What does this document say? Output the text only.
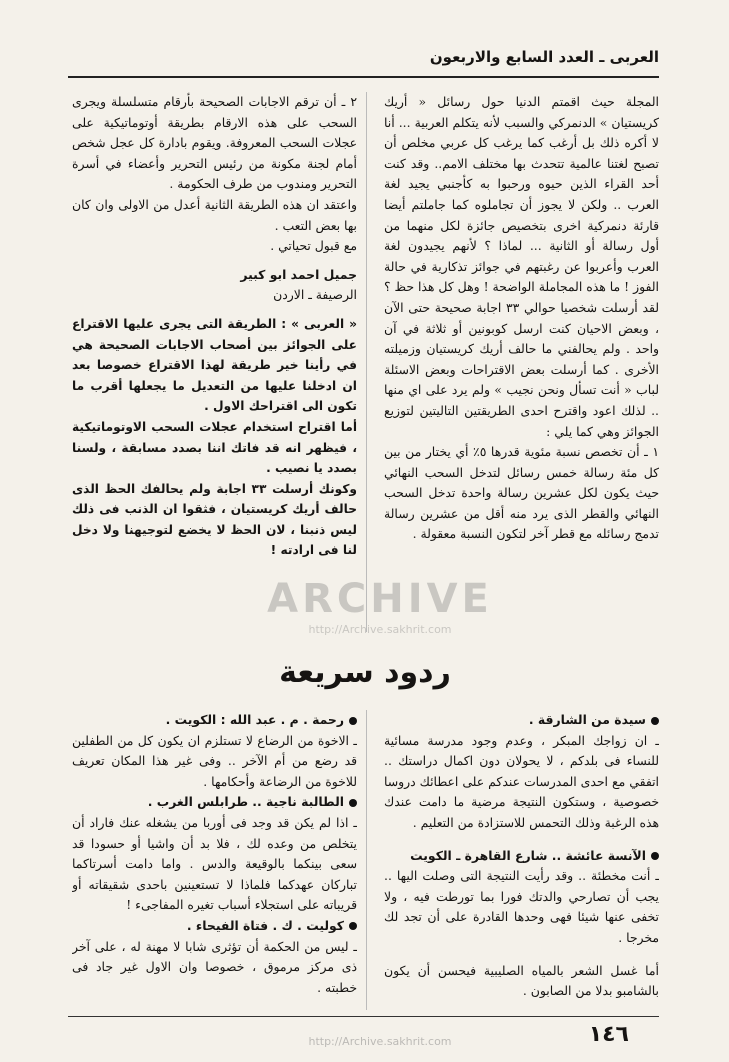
العربى ـ العدد السابع والاربعون

المجلة حيث اقمتم الدنيا حول رسائل « أريك كريستيان » الدنمركي والسبب لأنه يتكلم العربية ... أنا لا أكره ذلك بل أرغب كما يرغب كل عربي مخلص أن تصبح لغتنا عالمية تتحدث بها مختلف الامم.. وقد كنت أحد القراء الذين حيوه ورحبوا به كأجنبي يجيد لغة العرب .. ولكن لا يجوز أن تجاملوه كما جاملتم أيضا قارئة دنمركية اخرى بتخصيص جائزة لكل منهما من أول رسالة أو الثانية ... لماذا ؟ لأنهم يجيدون لغة العرب وأعربوا عن رغبتهم في جوائز تذكارية في حالة الفوز ! ما هذه المجاملة الواضحة ! وهل كل هذا حظ ؟ لقد أرسلت شخصيا حوالي ٣٣ اجابة صحيحة حتى الآن ، وبعض الاحيان كنت ارسل كوبونين أو ثلاثة في آن واحد . ولم يحالفني ما حالف أريك كريستيان وزميلته الأخرى . كما أرسلت بعض الاقتراحات وبعض الاسئلة لباب « أنت تسأل ونحن نجيب » ولم يرد على اي منها .. لذلك اعود واقترح احدى الطريقتين التاليتين لتوزيع الجوائز وهي كما يلي :

١ ـ أن تخصص نسبة مئوية قدرها ٥٪ أي يختار من بين كل مئة رسالة خمس رسائل لتدخل السحب النهائي حيث يكون لكل عشرين رسالة واحدة تدخل السحب النهائي والقطر الذى يرد منه أقل من عشرين رسالة تدمج رسائله مع قطر آخر لتكون النسبة معقولة .

٢ ـ أن ترقم الاجابات الصحيحة بأرقام متسلسلة ويجرى السحب على هذه الارقام بطريقة أوتوماتيكية على عجلات السحب المعروفة. ويقوم بادارة كل عجل شخص أمام لجنة مكونة من رئيس التحرير وأعضاء في أسرة التحرير ومندوب من طرف الحكومة .

واعتقد ان هذه الطريقة الثانية أعدل من الاولى وان كان بها بعض التعب .

مع قبول تحياتي .

جميل احمد ابو كبير

الرصيفة ـ الاردن

« العربى » : الطريقة التى يجرى عليها الاقتراع على الجوائز بين أصحاب الاجابات الصحيحة هي في رأينا خير طريقة لهذا الاقتراع خصوصا بعد ان ادخلنا عليها من التعديل ما يجعلها أقرب ما تكون الى اقتراحك الاول .

أما اقتراح استخدام عجلات السحب الاوتوماتيكية ، فيظهر انه قد فاتك اننا بصدد مسابقة ، ولسنا بصدد يا نصيب .

وكونك أرسلت ٣٣ اجابة ولم يحالفك الحظ الذى حالف أريك كريستيان ، فثقوا ان الذنب فى ذلك ليس ذنبنا ، لان الحظ لا يخضع لتوجيهنا ولا دخل لنا فى ارادته !

ARCHIVE
http://Archive.sakhrit.com
ردود سريعة

سيدة من الشارقة .

ـ ان زواجك المبكر ، وعدم وجود مدرسة مسائية للنساء فى بلدكم ، لا يحولان دون اكمال دراستك .. اتفقي مع احدى المدرسات عندكم على اعطائك دروسا خصوصية ، وستكون النتيجة مرضية ما دامت عندك هذه الرغبة وذلك التحمس للاستزادة من التعليم .

الآنسة عائشة .. شارع القاهرة ـ الكويت

ـ أنت مخطئة .. وقد رأيت النتيجة التى وصلت اليها .. يجب أن تصارحي والدتك فورا بما تورطت فيه ، ولا تخفى عنها شيئا فهى وحدها القادرة على أن تجد لك مخرجا .

أما غسل الشعر بالمياه الصليبية فيحسن أن يكون بالشامبو بدلا من الصابون .

رحمة . م . عبد الله : الكويت .

ـ الاخوة من الرضاع لا تستلزم ان يكون كل من الطفلين قد رضع من أم الآخر .. وفى غير هذا المكان تعريف للاخوة من الرضاعة وأحكامها .

الطالبة ناجية .. طرابلس الغرب .

ـ اذا لم يكن قد وجد فى أوربا من يشغله عنك فاراد أن يتخلص من وعده لك ، فلا بد أن واشيا أو حسودا قد سعى بينكما بالوقيعة والدس . واما دامت أسرتاكما تباركان عهدكما فلماذا لا تستعينين باحدى شقيقاته أو قريباته على استجلاء أسباب تغيره المفاجىء !

كوليت . ك . فتاة الفيحاء .

ـ ليس من الحكمة أن تؤثرى شابا لا مهنة له ، على آخر ذى مركز مرموق ، خصوصا وان الاول غير جاد فى خطبته .

١٤٦
http://Archive.sakhrit.com
